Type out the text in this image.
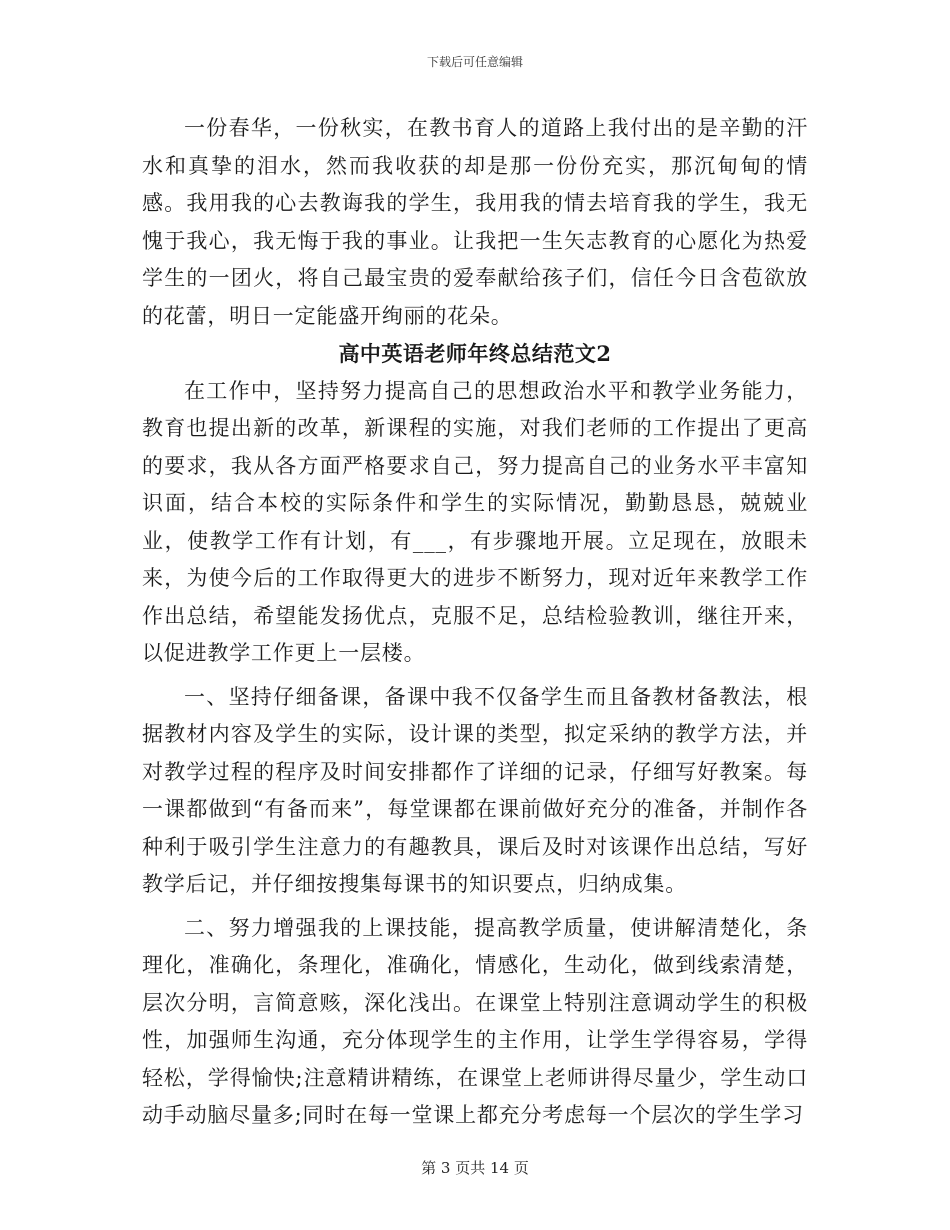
下载后可任意编辑

一份春华，一份秋实，在教书育人的道路上我付出的是辛勤的汗水和真挚的泪水，然而我收获的却是那一份份充实，那沉甸甸的情感。我用我的心去教诲我的学生，我用我的情去培育我的学生，我无愧于我心，我无悔于我的事业。让我把一生矢志教育的心愿化为热爱学生的一团火，将自己最宝贵的爱奉献给孩子们，信任今日含苞欲放的花蕾，明日一定能盛开绚丽的花朵。

高中英语老师年终总结范文2

在工作中，坚持努力提高自己的思想政治水平和教学业务能力，教育也提出新的改革，新课程的实施，对我们老师的工作提出了更高的要求，我从各方面严格要求自己，努力提高自己的业务水平丰富知识面，结合本校的实际条件和学生的实际情况，勤勤恳恳，兢兢业业，使教学工作有计划，有___，有步骤地开展。立足现在，放眼未来，为使今后的工作取得更大的进步不断努力，现对近年来教学工作作出总结，希望能发扬优点，克服不足，总结检验教训，继往开来，以促进教学工作更上一层楼。

一、坚持仔细备课，备课中我不仅备学生而且备教材备教法，根据教材内容及学生的实际，设计课的类型，拟定采纳的教学方法，并对教学过程的程序及时间安排都作了详细的记录，仔细写好教案。每一课都做到“有备而来”，每堂课都在课前做好充分的准备，并制作各种利于吸引学生注意力的有趣教具，课后及时对该课作出总结，写好教学后记，并仔细按搜集每课书的知识要点，归纳成集。

二、努力增强我的上课技能，提高教学质量，使讲解清楚化，条理化，准确化，条理化，准确化，情感化，生动化，做到线索清楚，层次分明，言简意赅，深化浅出。在课堂上特别注意调动学生的积极性，加强师生沟通，充分体现学生的主作用，让学生学得容易，学得轻松，学得愉快;注意精讲精练，在课堂上老师讲得尽量少，学生动口动手动脑尽量多;同时在每一堂课上都充分考虑每一个层次的学生学习

第 3 页共 14 页
